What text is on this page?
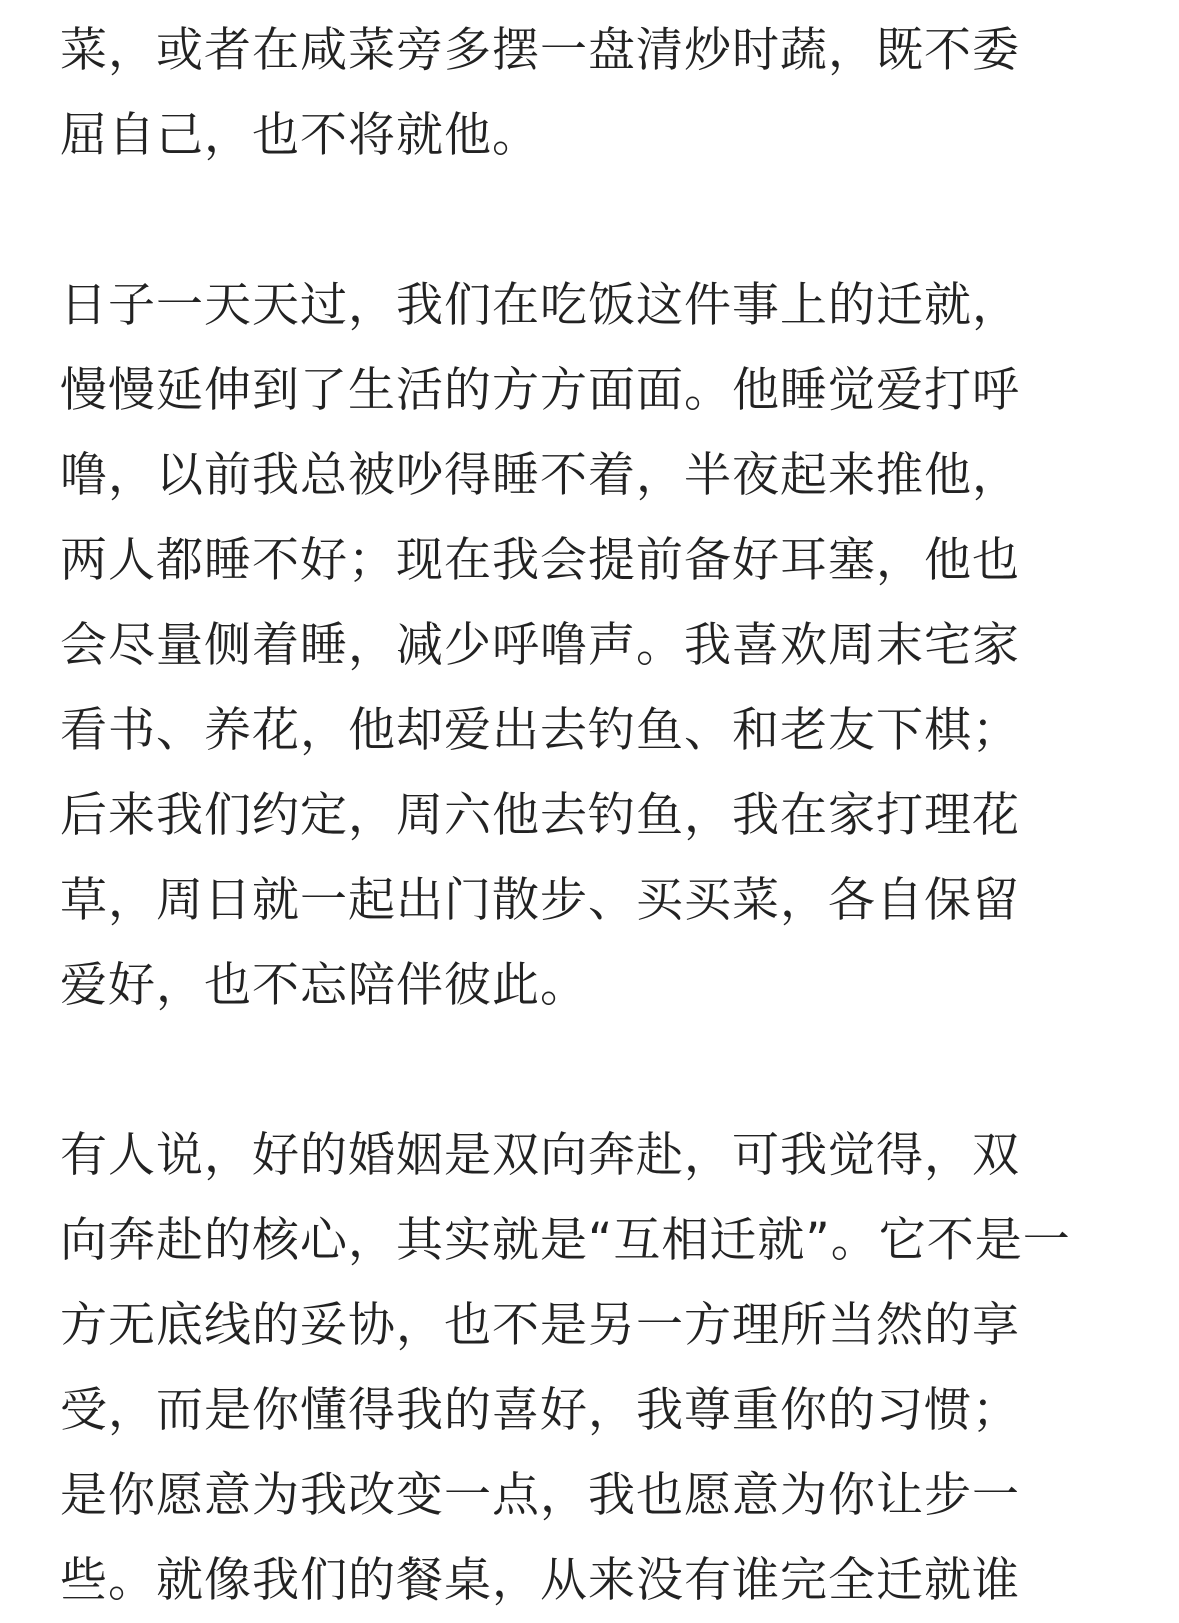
菜，或者在咸菜旁多摆一盘清炒时蔬，既不委
屈自己，也不将就他。
日子一天天过，我们在吃饭这件事上的迁就，
慢慢延伸到了生活的方方面面。他睡觉爱打呼
噜，以前我总被吵得睡不着，半夜起来推他，
两人都睡不好；现在我会提前备好耳塞，他也
会尽量侧着睡，减少呼噜声。我喜欢周末宅家
看书、养花，他却爱出去钓鱼、和老友下棋；
后来我们约定，周六他去钓鱼，我在家打理花
草，周日就一起出门散步、买买菜，各自保留
爱好，也不忘陪伴彼此。
有人说，好的婚姻是双向奔赴，可我觉得，双
向奔赴的核心，其实就是“互相迁就”。它不是一
方无底线的妥协，也不是另一方理所当然的享
受，而是你懂得我的喜好，我尊重你的习惯；
是你愿意为我改变一点，我也愿意为你让步一
些。就像我们的餐桌，从来没有谁完全迁就谁
